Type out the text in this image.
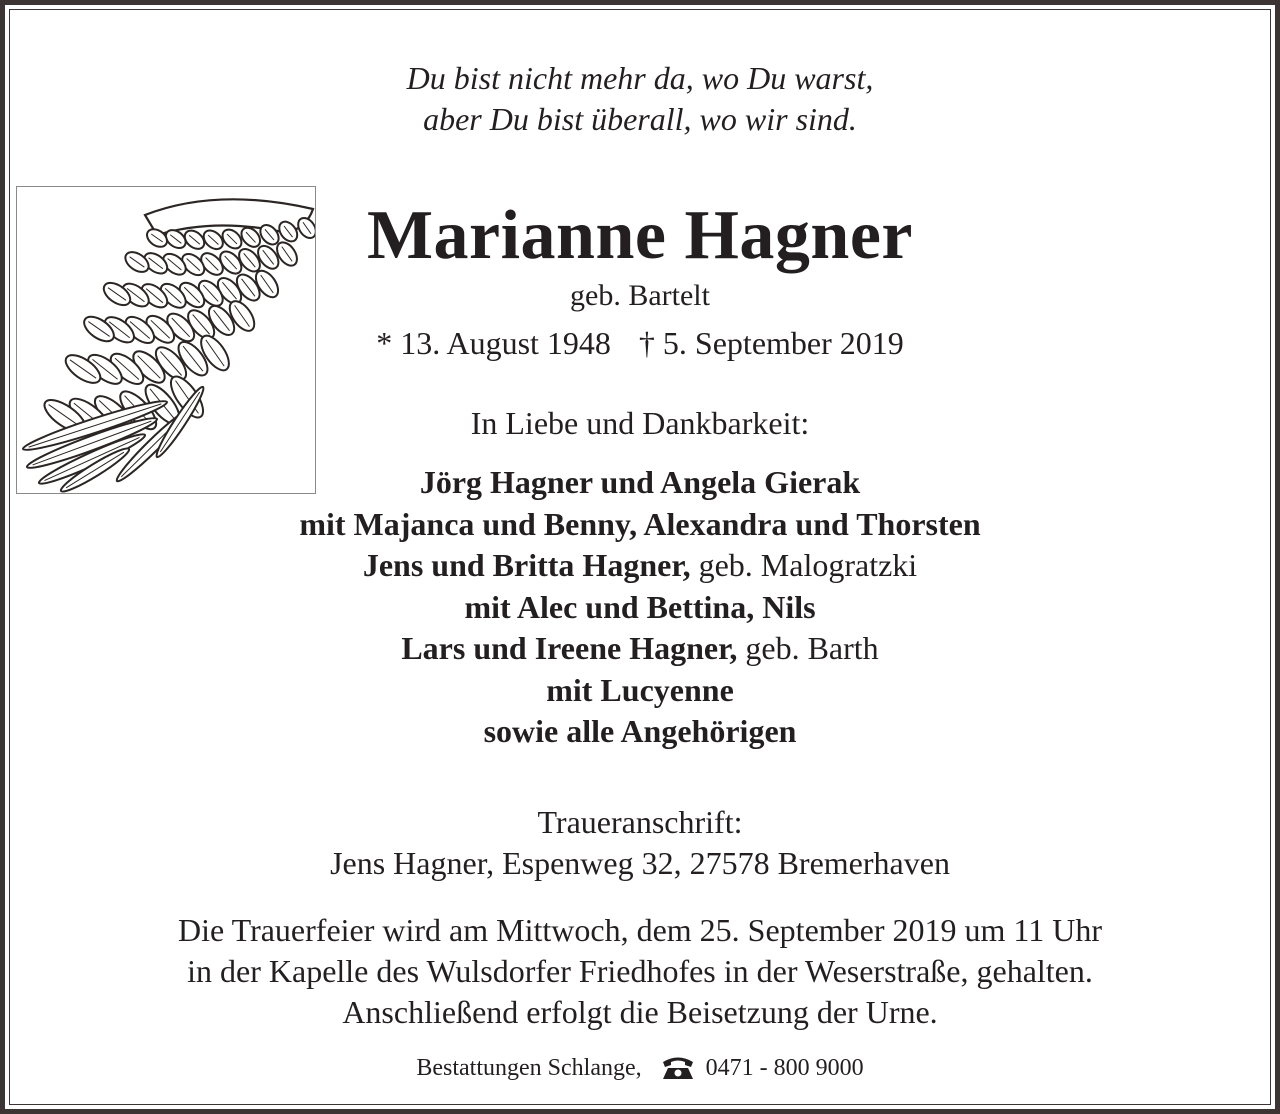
Du bist nicht mehr da, wo Du warst,
aber Du bist überall, wo wir sind.
Marianne Hagner
geb. Bartelt
* 13. August 1948 † 5. September 2019
In Liebe und Dankbarkeit:
Jörg Hagner und Angela Gierak
mit Majanca und Benny, Alexandra und Thorsten
Jens und Britta Hagner, geb. Malogratzki
mit Alec und Bettina, Nils
Lars und Ireene Hagner, geb. Barth
mit Lucyenne
sowie alle Angehörigen
Traueranschrift:
Jens Hagner, Espenweg 32, 27578 Bremerhaven
Die Trauerfeier wird am Mittwoch, dem 25. September 2019 um 11 Uhr
in der Kapelle des Wulsdorfer Friedhofes in der Weserstraße, gehalten.
Anschließend erfolgt die Beisetzung der Urne.
Bestattungen Schlange,	0471 - 800 9000
